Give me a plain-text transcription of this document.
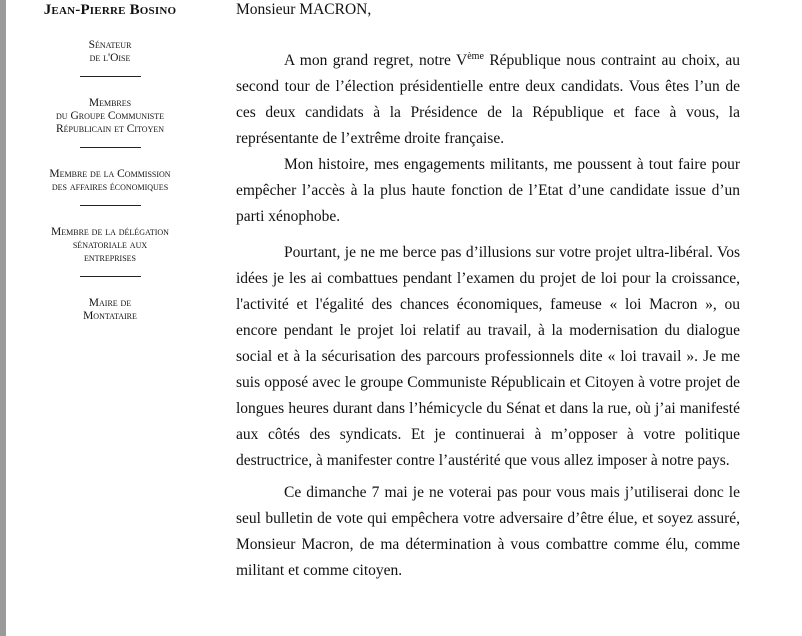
Jean-Pierre Bosino
Sénateur
de l'Oise
Membres
du Groupe Communiste
Républicain et Citoyen
Membre de la Commission
des affaires économiques
Membre de la délégation
sénatoriale aux
entreprises
Maire de
Montataire
Monsieur MACRON,

A mon grand regret, notre Vème République nous contraint au choix, au second tour de l’élection présidentielle entre deux candidats. Vous êtes l’un de ces deux candidats à la Présidence de la République et face à vous, la représentante de l’extrême droite française.

Mon histoire, mes engagements militants, me poussent à tout faire pour empêcher l’accès à la plus haute fonction de l’Etat d’une candidate issue d’un parti xénophobe.

Pourtant, je ne me berce pas d’illusions sur votre projet ultra-libéral. Vos idées je les ai combattues pendant l’examen du projet de loi pour la croissance, l'activité et l'égalité des chances économiques, fameuse « loi Macron », ou encore pendant le projet loi relatif au travail, à la modernisation du dialogue social et à la sécurisation des parcours professionnels dite « loi travail ». Je me suis opposé avec le groupe Communiste Républicain et Citoyen à votre projet de longues heures durant dans l’hémicycle du Sénat et dans la rue, où j’ai manifesté aux côtés des syndicats. Et je continuerai à m’opposer à votre politique destructrice, à manifester contre l’austérité que vous allez imposer à notre pays.

Ce dimanche 7 mai je ne voterai pas pour vous mais j’utiliserai donc le seul bulletin de vote qui empêchera votre adversaire d’être élue, et soyez assuré, Monsieur Macron, de ma détermination à vous combattre comme élu, comme militant et comme citoyen.
